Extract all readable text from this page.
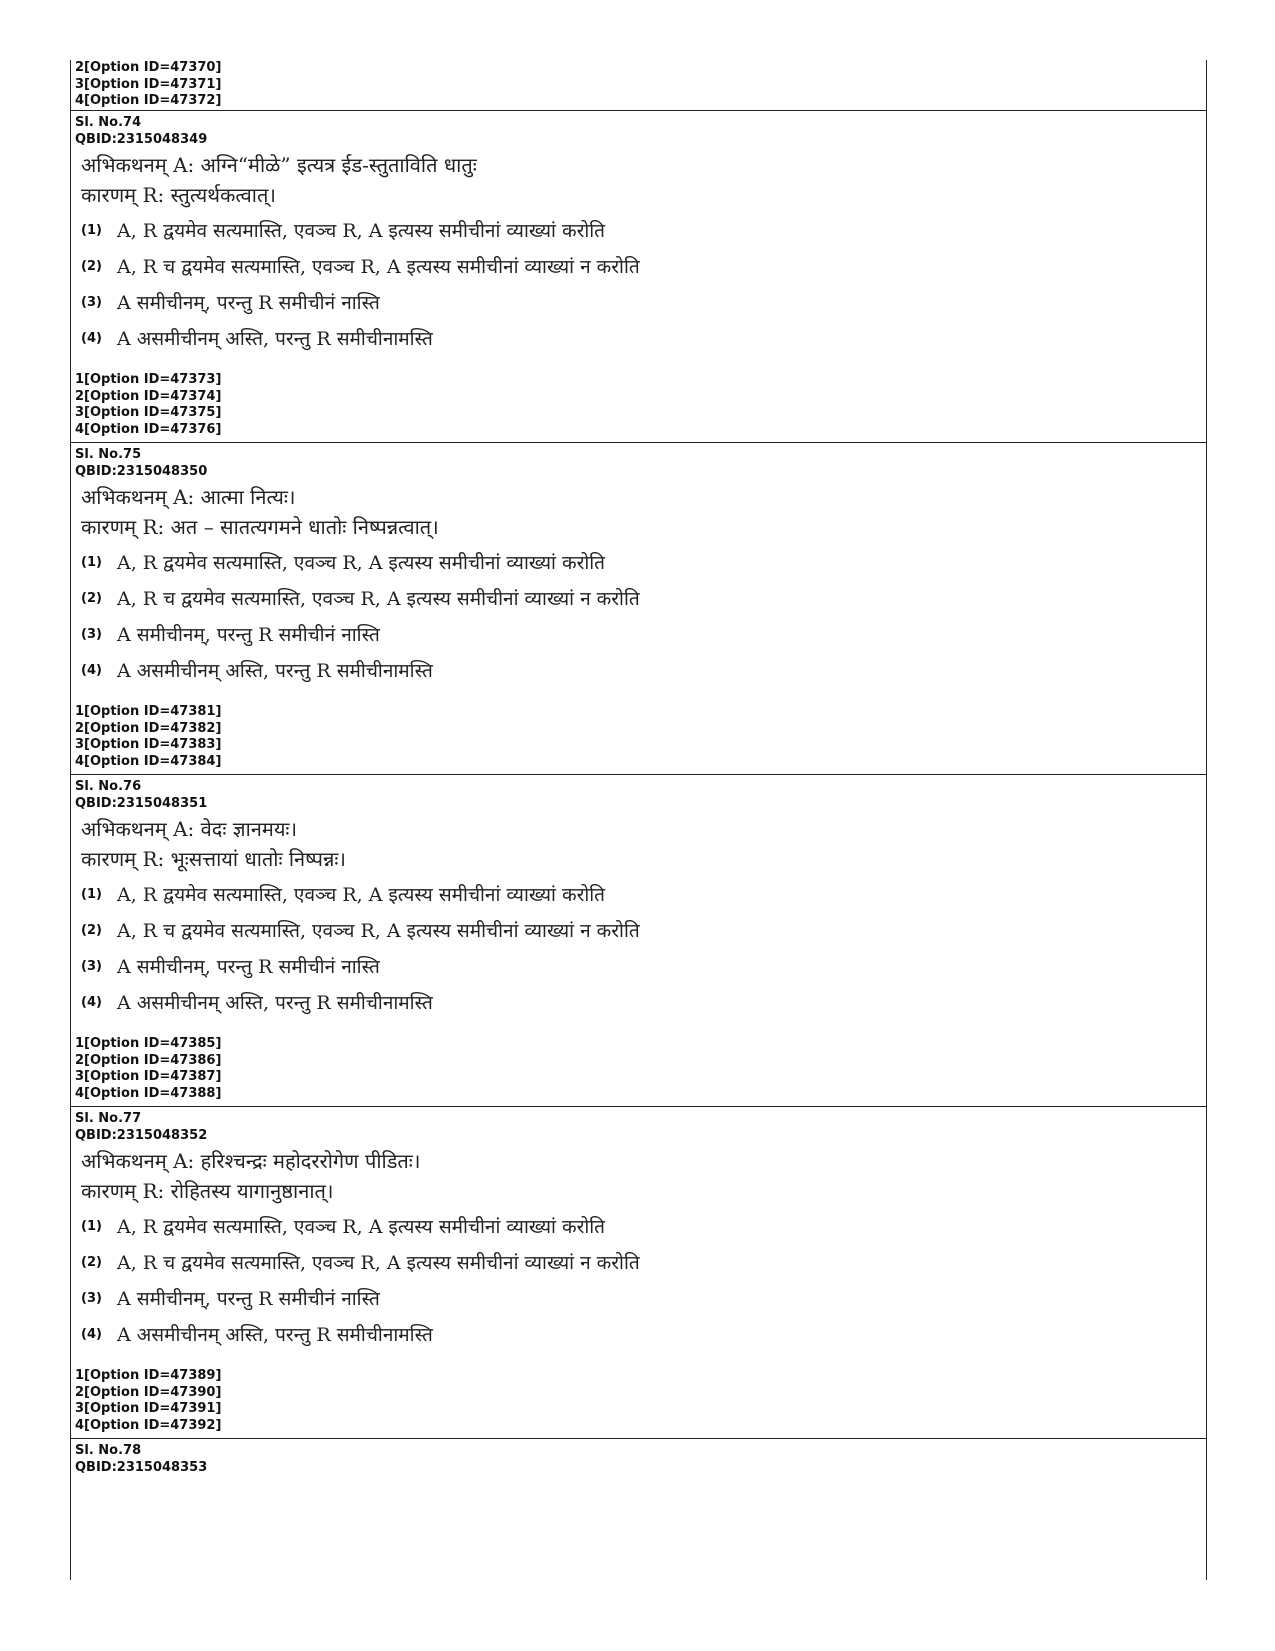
2[Option ID=47370]
3[Option ID=47371]
4[Option ID=47372]
Sl. No.74
QBID:2315048349
अभिकथनम् A: अग्नि“मीळे” इत्यत्र ईड-स्तुताविति धातुः
कारणम् R: स्तुत्यर्थकत्वात्।
(1) A, R द्वयमेव सत्यमास्ति, एवञ्च R, A इत्यस्य समीचीनां व्याख्यां करोति
(2) A, R च द्वयमेव सत्यमास्ति, एवञ्च R, A इत्यस्य समीचीनां व्याख्यां न करोति
(3) A समीचीनम्, परन्तु R समीचीनं नास्ति
(4) A असमीचीनम् अस्ति, परन्तु R समीचीनामस्ति
1[Option ID=47373]
2[Option ID=47374]
3[Option ID=47375]
4[Option ID=47376]
Sl. No.75
QBID:2315048350
अभिकथनम् A: आत्मा नित्यः।
कारणम् R: अत – सातत्यगमने धातोः निष्पन्नत्वात्।
(1) A, R द्वयमेव सत्यमास्ति, एवञ्च R, A इत्यस्य समीचीनां व्याख्यां करोति
(2) A, R च द्वयमेव सत्यमास्ति, एवञ्च R, A इत्यस्य समीचीनां व्याख्यां न करोति
(3) A समीचीनम्, परन्तु R समीचीनं नास्ति
(4) A असमीचीनम् अस्ति, परन्तु R समीचीनामस्ति
1[Option ID=47381]
2[Option ID=47382]
3[Option ID=47383]
4[Option ID=47384]
Sl. No.76
QBID:2315048351
अभिकथनम् A: वेदः ज्ञानमयः।
कारणम् R: भूःसत्तायां धातोः निष्पन्नः।
(1) A, R द्वयमेव सत्यमास्ति, एवञ्च R, A इत्यस्य समीचीनां व्याख्यां करोति
(2) A, R च द्वयमेव सत्यमास्ति, एवञ्च R, A इत्यस्य समीचीनां व्याख्यां न करोति
(3) A समीचीनम्, परन्तु R समीचीनं नास्ति
(4) A असमीचीनम् अस्ति, परन्तु R समीचीनामस्ति
1[Option ID=47385]
2[Option ID=47386]
3[Option ID=47387]
4[Option ID=47388]
Sl. No.77
QBID:2315048352
अभिकथनम् A: हरिश्चन्द्रः महोदररोगेण पीडितः।
कारणम् R: रोहितस्य यागानुष्ठानात्।
(1) A, R द्वयमेव सत्यमास्ति, एवञ्च R, A इत्यस्य समीचीनां व्याख्यां करोति
(2) A, R च द्वयमेव सत्यमास्ति, एवञ्च R, A इत्यस्य समीचीनां व्याख्यां न करोति
(3) A समीचीनम्, परन्तु R समीचीनं नास्ति
(4) A असमीचीनम् अस्ति, परन्तु R समीचीनामस्ति
1[Option ID=47389]
2[Option ID=47390]
3[Option ID=47391]
4[Option ID=47392]
Sl. No.78
QBID:2315048353
